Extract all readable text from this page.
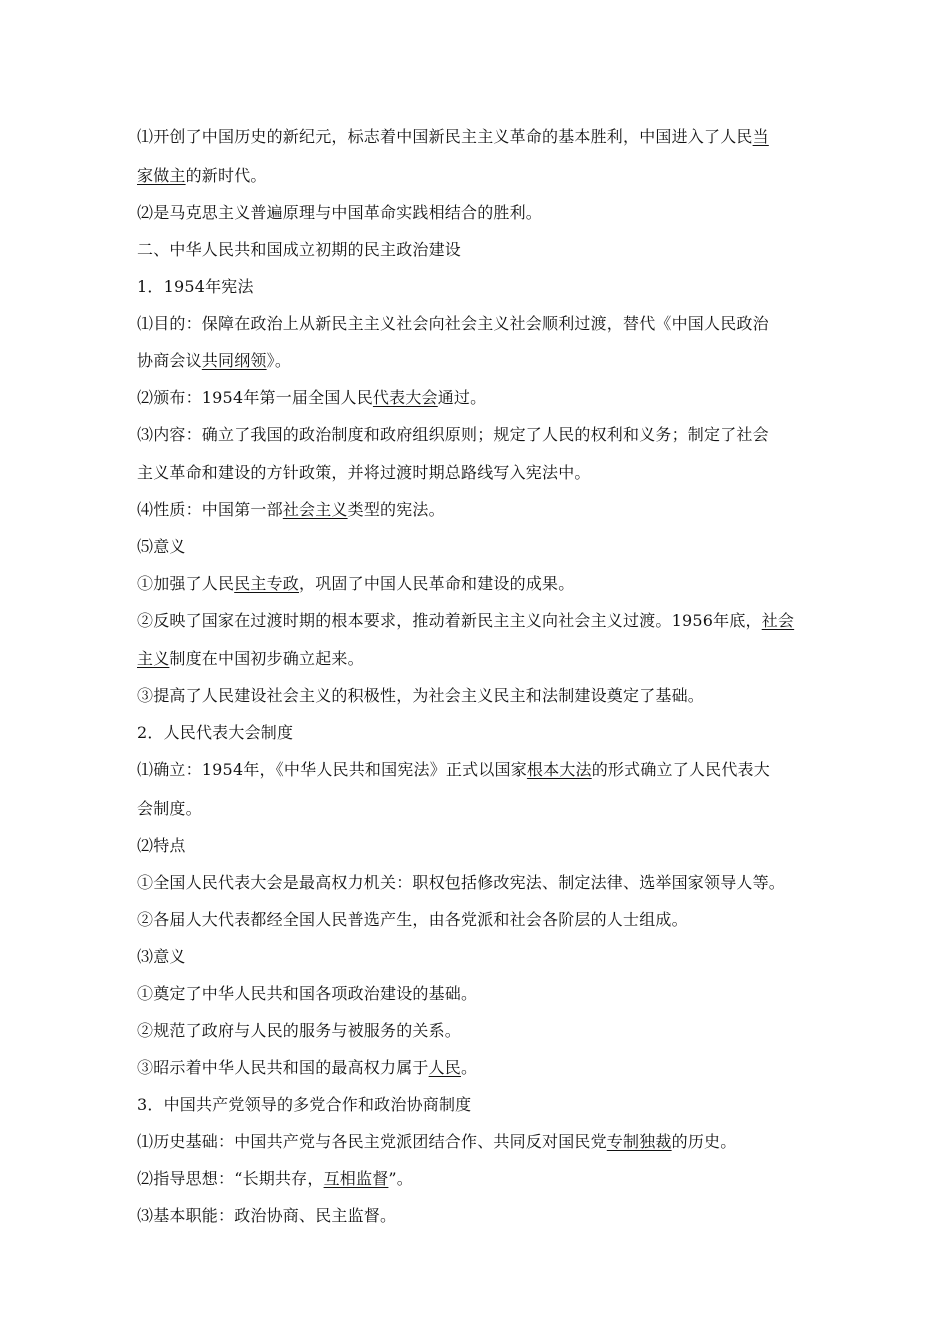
⑴开创了中国历史的新纪元，标志着中国新民主主义革命的基本胜利，中国进入了人民当
家做主的新时代。
⑵是马克思主义普遍原理与中国革命实践相结合的胜利。
二、中华人民共和国成立初期的民主政治建设
1．1954年宪法
⑴目的：保障在政治上从新民主主义社会向社会主义社会顺利过渡，替代《中国人民政治
协商会议共同纲领》。
⑵颁布：1954年第一届全国人民代表大会通过。
⑶内容：确立了我国的政治制度和政府组织原则；规定了人民的权利和义务；制定了社会
主义革命和建设的方针政策，并将过渡时期总路线写入宪法中。
⑷性质：中国第一部社会主义类型的宪法。
⑸意义
①加强了人民民主专政，巩固了中国人民革命和建设的成果。
②反映了国家在过渡时期的根本要求，推动着新民主主义向社会主义过渡。1956年底，社会
主义制度在中国初步确立起来。
③提高了人民建设社会主义的积极性，为社会主义民主和法制建设奠定了基础。
2．人民代表大会制度
⑴确立：1954年，《中华人民共和国宪法》正式以国家根本大法的形式确立了人民代表大
会制度。
⑵特点
①全国人民代表大会是最高权力机关：职权包括修改宪法、制定法律、选举国家领导人等。
②各届人大代表都经全国人民普选产生，由各党派和社会各阶层的人士组成。
⑶意义
①奠定了中华人民共和国各项政治建设的基础。
②规范了政府与人民的服务与被服务的关系。
③昭示着中华人民共和国的最高权力属于人民。
3．中国共产党领导的多党合作和政治协商制度
⑴历史基础：中国共产党与各民主党派团结合作、共同反对国民党专制独裁的历史。
⑵指导思想：“长期共存，互相监督”。
⑶基本职能：政治协商、民主监督。
